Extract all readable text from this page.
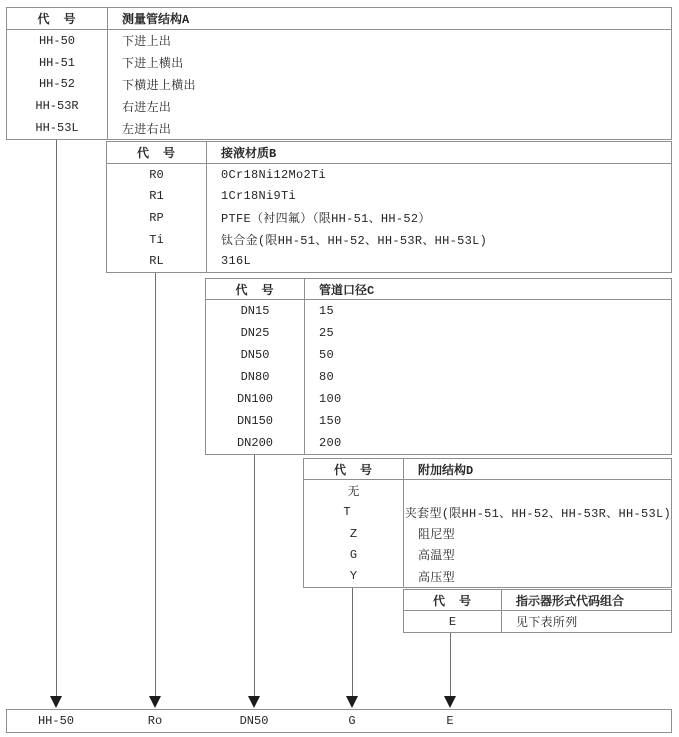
代　号	测量管结构A
HH-50	下进上出
HH-51	下进上横出
HH-52	下横进上横出
HH-53R	右进左出
HH-53L	左进右出
代　号	接液材质B
R0	0Cr18Ni12Mo2Ti
R1	1Cr18Ni9Ti
RP	PTFE（衬四氟）（限HH-51、HH-52）
Ti	钛合金(限HH-51、HH-52、HH-53R、HH-53L)
RL	316L
代　号	管道口径C
DN15	15
DN25	25
DN50	50
DN80	80
DN100	100
DN150	150
DN200	200
代　号	附加结构D
无
T	夹套型(限HH-51、HH-52、HH-53R、HH-53L)
Z	阻尼型
G	高温型
Y	高压型
代　号	指示器形式代码组合
E	见下表所列
HH-50	Ro	DN50	G	E
